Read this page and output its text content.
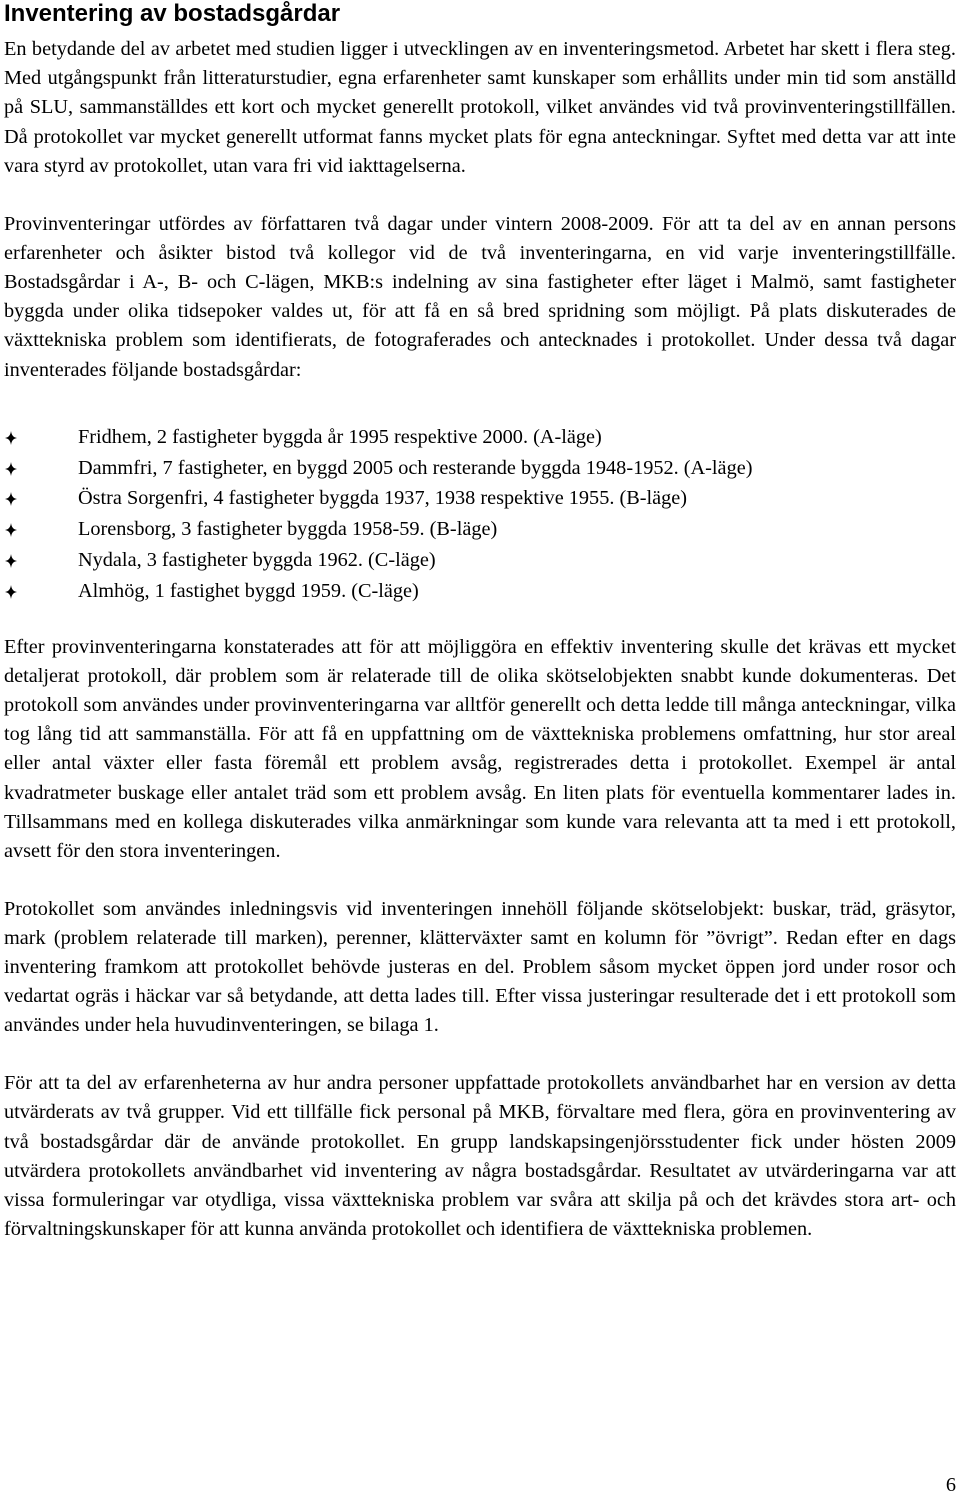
Inventering av bostadsgårdar

En betydande del av arbetet med studien ligger i utvecklingen av en inventeringsmetod. Arbetet har skett i flera steg. Med utgångspunkt från litteraturstudier, egna erfarenheter samt kunskaper som erhållits under min tid som anställd på SLU, sammanställdes ett kort och mycket generellt protokoll, vilket användes vid två provinventeringstillfällen. Då protokollet var mycket generellt utformat fanns mycket plats för egna anteckningar. Syftet med detta var att inte vara styrd av protokollet, utan vara fri vid iakttagelserna.

Provinventeringar utfördes av författaren två dagar under vintern 2008-2009. För att ta del av en annan persons erfarenheter och åsikter bistod två kollegor vid de två inventeringarna, en vid varje inventeringstillfälle. Bostadsgårdar i A-, B- och C-lägen, MKB:s indelning av sina fastigheter efter läget i Malmö, samt fastigheter byggda under olika tidsepoker valdes ut, för att få en så bred spridning som möjligt. På plats diskuterades de växttekniska problem som identifierats, de fotograferades och antecknades i protokollet. Under dessa två dagar inventerades följande bostadsgårdar:

Fridhem, 2 fastigheter byggda år 1995 respektive 2000. (A-läge)
Dammfri, 7 fastigheter, en byggd 2005 och resterande byggda 1948-1952. (A-läge)
Östra Sorgenfri, 4 fastigheter byggda 1937, 1938 respektive 1955. (B-läge)
Lorensborg, 3 fastigheter byggda 1958-59. (B-läge)
Nydala, 3 fastigheter byggda 1962. (C-läge)
Almhög, 1 fastighet byggd 1959. (C-läge)

Efter provinventeringarna konstaterades att för att möjliggöra en effektiv inventering skulle det krävas ett mycket detaljerat protokoll, där problem som är relaterade till de olika skötselobjekten snabbt kunde dokumenteras. Det protokoll som användes under provinventeringarna var alltför generellt och detta ledde till många anteckningar, vilka tog lång tid att sammanställa. För att få en uppfattning om de växttekniska problemens omfattning, hur stor areal eller antal växter eller fasta föremål ett problem avsåg, registrerades detta i protokollet. Exempel är antal kvadratmeter buskage eller antalet träd som ett problem avsåg. En liten plats för eventuella kommentarer lades in. Tillsammans med en kollega diskuterades vilka anmärkningar som kunde vara relevanta att ta med i ett protokoll, avsett för den stora inventeringen.

Protokollet som användes inledningsvis vid inventeringen innehöll följande skötselobjekt: buskar, träd, gräsytor, mark (problem relaterade till marken), perenner, klätterväxter samt en kolumn för ”övrigt”. Redan efter en dags inventering framkom att protokollet behövde justeras en del. Problem såsom mycket öppen jord under rosor och vedartat ogräs i häckar var så betydande, att detta lades till. Efter vissa justeringar resulterade det i ett protokoll som användes under hela huvudinventeringen, se bilaga 1.

För att ta del av erfarenheterna av hur andra personer uppfattade protokollets användbarhet har en version av detta utvärderats av två grupper. Vid ett tillfälle fick personal på MKB, förvaltare med flera, göra en provinventering av två bostadsgårdar där de använde protokollet. En grupp landskapsingenjörsstudenter fick under hösten 2009 utvärdera protokollets användbarhet vid inventering av några bostadsgårdar. Resultatet av utvärderingarna var att vissa formuleringar var otydliga, vissa växttekniska problem var svåra att skilja på och det krävdes stora art- och förvaltningskunskaper för att kunna använda protokollet och identifiera de växttekniska problemen.

6
